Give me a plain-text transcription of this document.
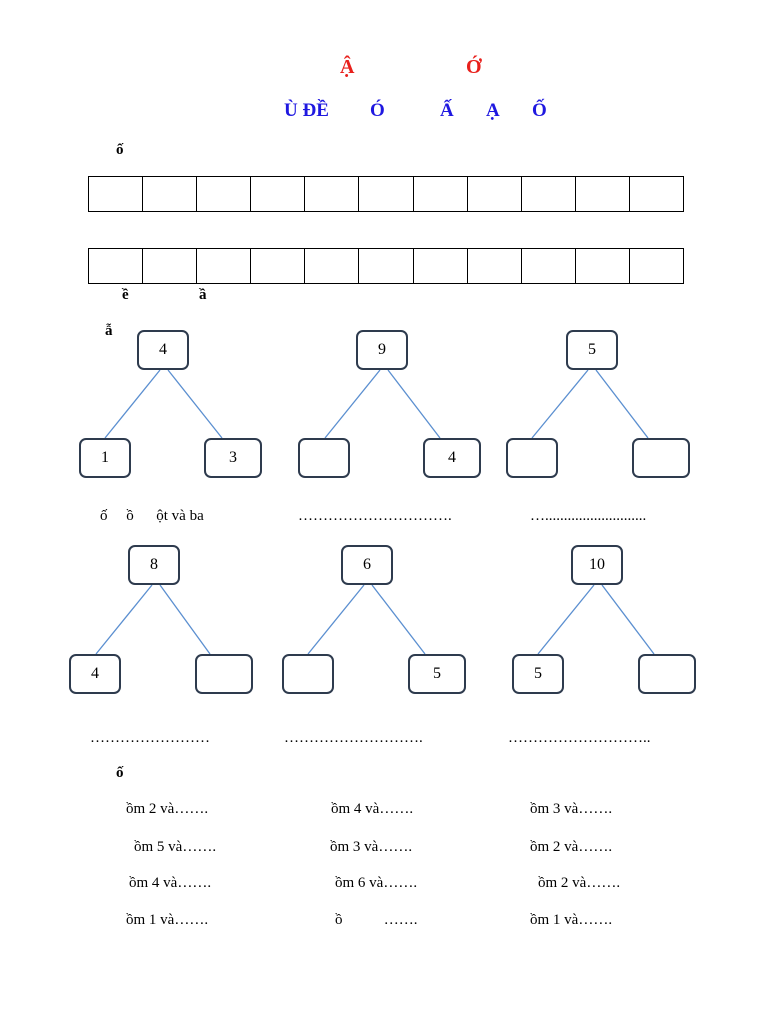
Ậ	Ớ
Ù ĐỀ Ó	Ấ Ạ Ố
ố
ề	ầ
ẫ
4
1	3
9
4
5
ố     ồ      ột và ba	………………………….	…...........................
8
4
6
5
10
5
……………………	……………………….	………………………..
ố
ồm 2 và…….	ồm 4 và…….	ồm 3 và…….
ồm 5 và…….	ồm 3 và…….	ồm 2 và…….
ồm 4 và…….	ồm 6 và…….	ồm 2 và…….
ồm 1 và…….	ồ           …….	ồm 1 và…….
